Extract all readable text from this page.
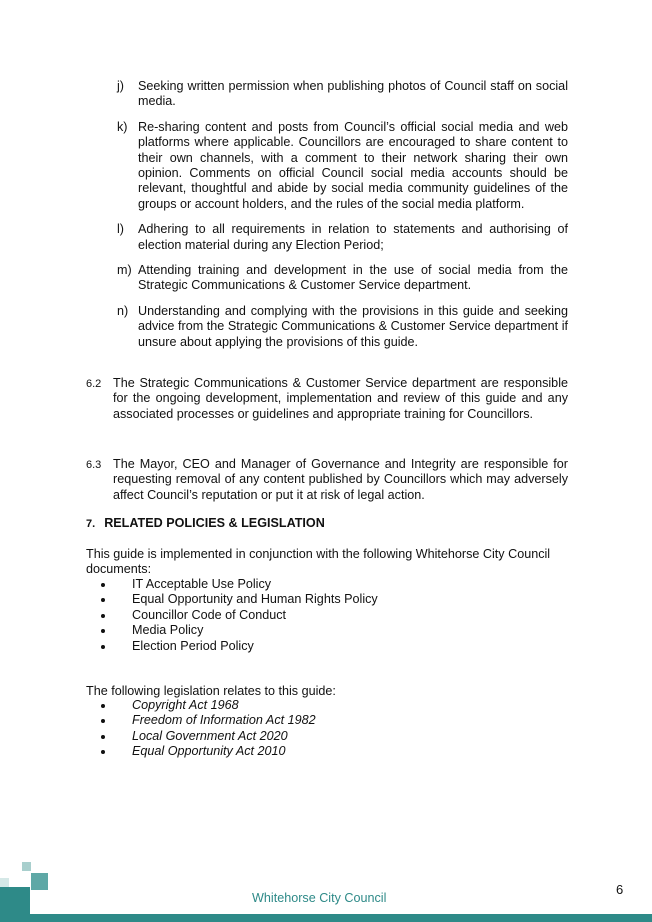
j) Seeking written permission when publishing photos of Council staff on social media.
k) Re-sharing content and posts from Council’s official social media and web platforms where applicable. Councillors are encouraged to share content to their own channels, with a comment to their network sharing their own opinion. Comments on official Council social media accounts should be relevant, thoughtful and abide by social media community guidelines of the groups or account holders, and the rules of the social media platform.
l) Adhering to all requirements in relation to statements and authorising of election material during any Election Period;
m) Attending training and development in the use of social media from the Strategic Communications & Customer Service department.
n) Understanding and complying with the provisions in this guide and seeking advice from the Strategic Communications & Customer Service department if unsure about applying the provisions of this guide.
6.2 The Strategic Communications & Customer Service department are responsible for the ongoing development, implementation and review of this guide and any associated processes or guidelines and appropriate training for Councillors.
6.3 The Mayor, CEO and Manager of Governance and Integrity are responsible for requesting removal of any content published by Councillors which may adversely affect Council’s reputation or put it at risk of legal action.
7. RELATED POLICIES & LEGISLATION
This guide is implemented in conjunction with the following Whitehorse City Council documents:
IT Acceptable Use Policy
Equal Opportunity and Human Rights Policy
Councillor Code of Conduct
Media Policy
Election Period Policy
The following legislation relates to this guide:
Copyright Act 1968
Freedom of Information Act 1982
Local Government Act 2020
Equal Opportunity Act 2010
Whitehorse City Council
6
